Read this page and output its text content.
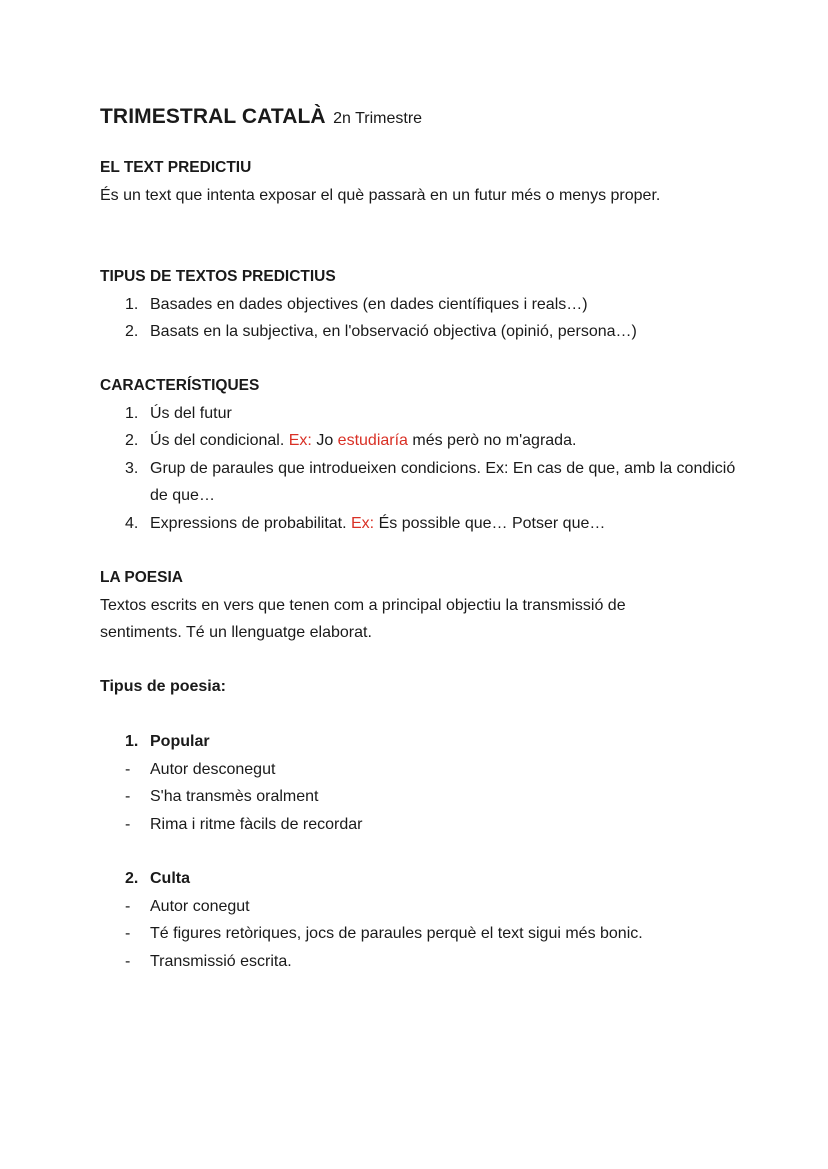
TRIMESTRAL CATALÀ 2n Trimestre

EL TEXT PREDICTIU

És un text que intenta exposar el què passarà en un futur més o menys proper.

TIPUS DE TEXTOS PREDICTIUS

1. Basades en dades objectives (en dades científiques i reals…)
2. Basats en la subjectiva, en l'observació objectiva (opinió, persona…)

CARACTERÍSTIQUES

1. Ús del futur
2. Ús del condicional. Ex: Jo estudiaría més però no m'agrada.
3. Grup de paraules que introdueixen condicions. Ex: En cas de que, amb la condició de que…
4. Expressions de probabilitat. Ex: És possible que… Potser que…

LA POESIA

Textos escrits en vers que tenen com a principal objectiu la transmissió de sentiments. Té un llenguatge elaborat.

Tipus de poesia:

1. Popular
- Autor desconegut
- S'ha transmès oralment
- Rima i ritme fàcils de recordar
2. Culta
- Autor conegut
- Té figures retòriques, jocs de paraules perquè el text sigui més bonic.
- Transmissió escrita.
